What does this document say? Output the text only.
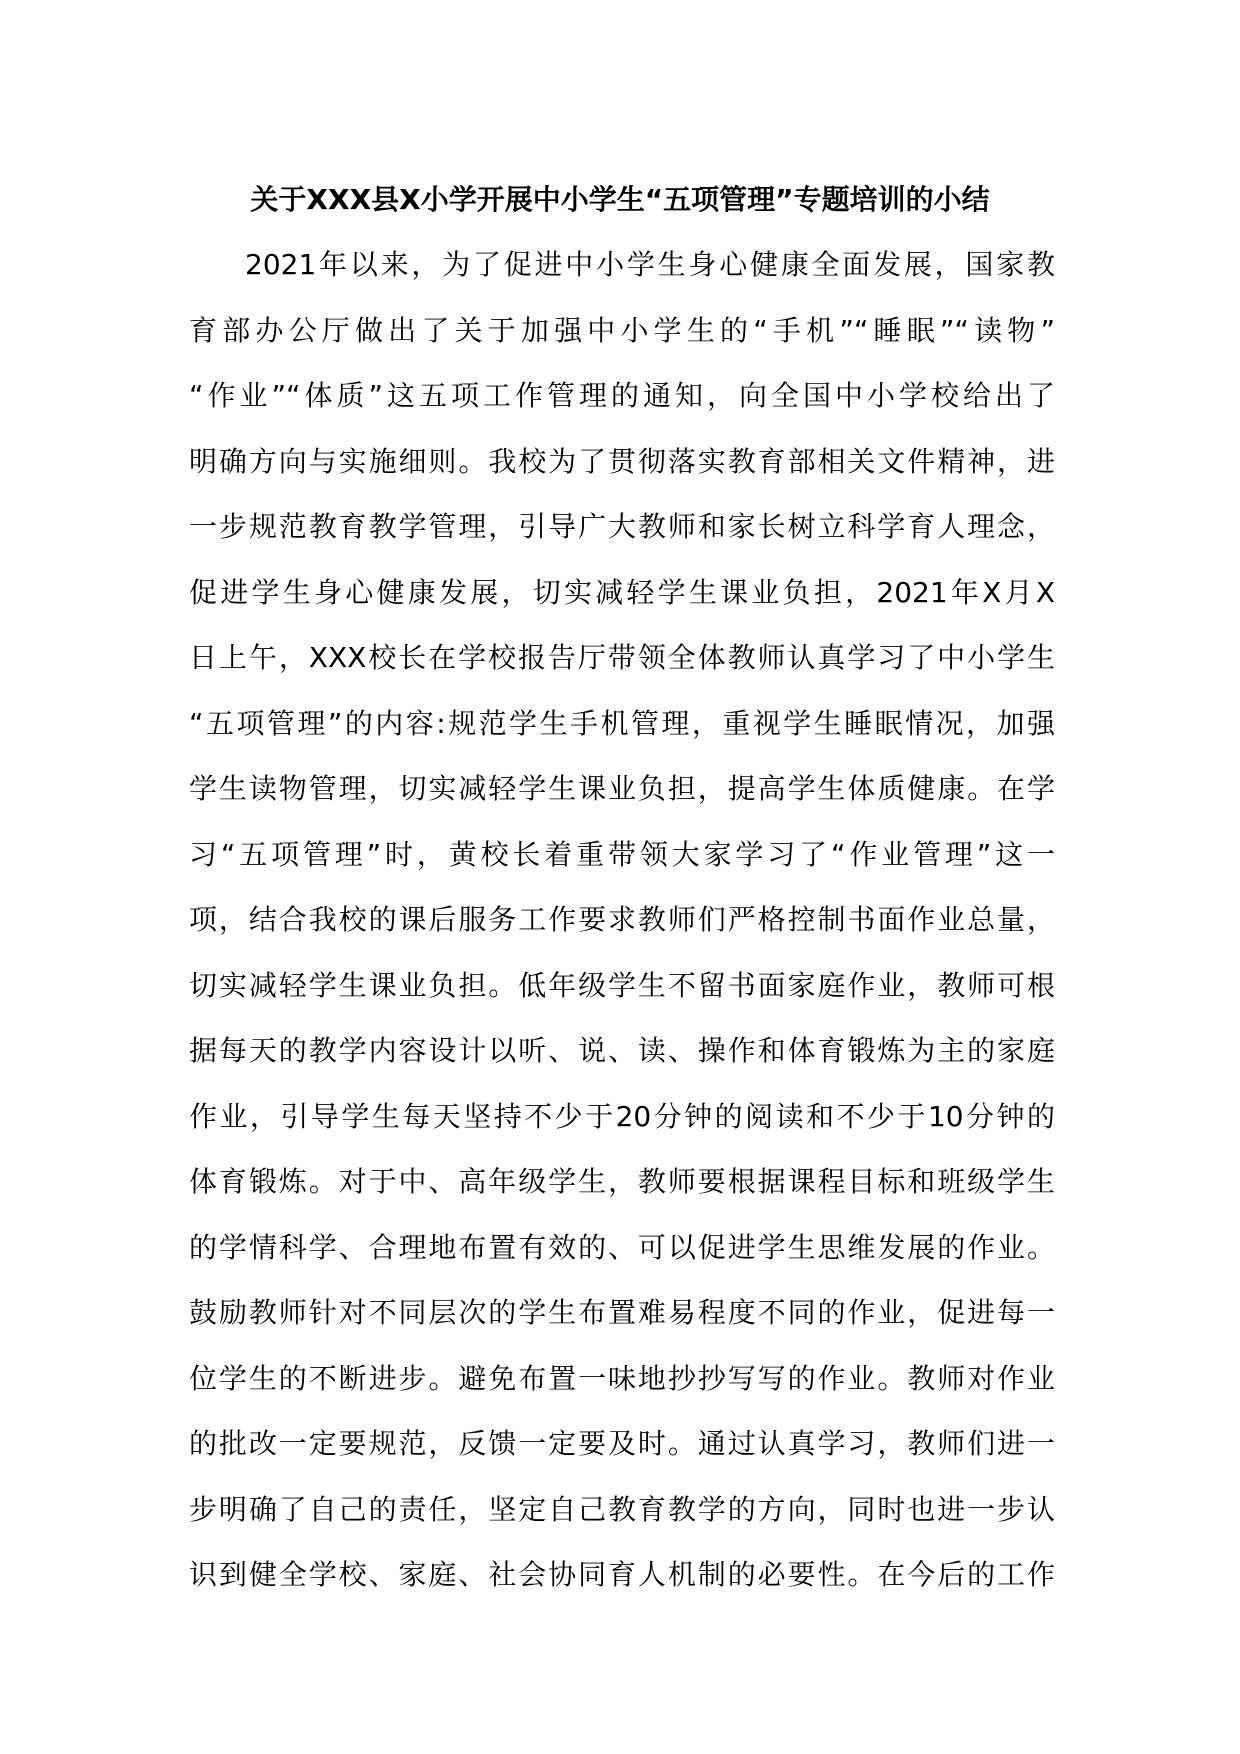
关于XXX县X小学开展中小学生“五项管理”专题培训的小结
2021年以来，为了促进中小学生身心健康全面发展，国家教
育部办公厅做出了关于加强中小学生的“手机”“睡眠”“读物”
“作业”“体质”这五项工作管理的通知，向全国中小学校给出了
明确方向与实施细则。我校为了贯彻落实教育部相关文件精神，进
一步规范教育教学管理，引导广大教师和家长树立科学育人理念，
促进学生身心健康发展，切实减轻学生课业负担，2021年X月X
日上午，XXX校长在学校报告厅带领全体教师认真学习了中小学生
“五项管理”的内容:规范学生手机管理，重视学生睡眠情况，加强
学生读物管理，切实减轻学生课业负担，提高学生体质健康。在学
习“五项管理”时，黄校长着重带领大家学习了“作业管理”这一
项，结合我校的课后服务工作要求教师们严格控制书面作业总量，
切实减轻学生课业负担。低年级学生不留书面家庭作业，教师可根
据每天的教学内容设计以听、说、读、操作和体育锻炼为主的家庭
作业，引导学生每天坚持不少于20分钟的阅读和不少于10分钟的
体育锻炼。对于中、高年级学生，教师要根据课程目标和班级学生
的学情科学、合理地布置有效的、可以促进学生思维发展的作业。
鼓励教师针对不同层次的学生布置难易程度不同的作业，促进每一
位学生的不断进步。避免布置一味地抄抄写写的作业。教师对作业
的批改一定要规范，反馈一定要及时。通过认真学习，教师们进一
步明确了自己的责任，坚定自己教育教学的方向，同时也进一步认
识到健全学校、家庭、社会协同育人机制的必要性。在今后的工作
